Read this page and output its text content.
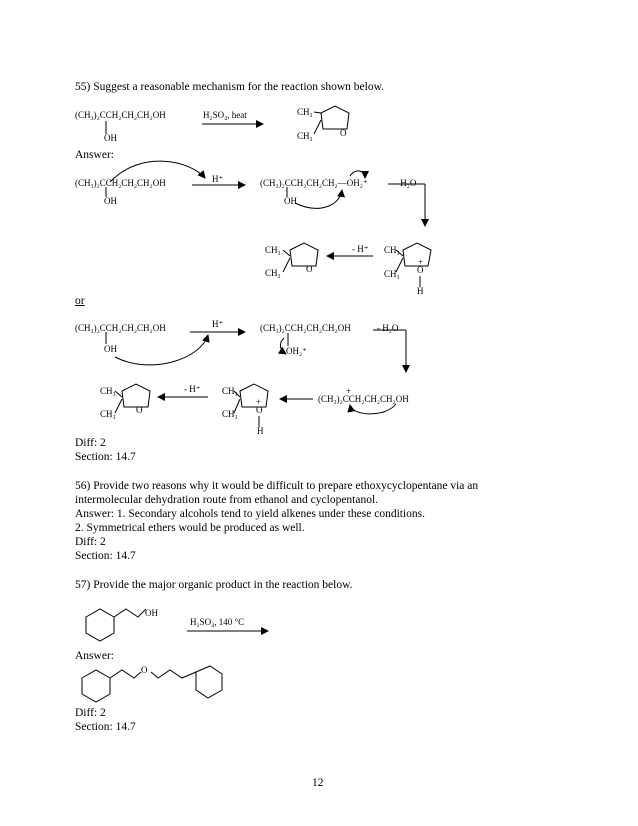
55) Suggest a reasonable mechanism for the reaction shown below.
(CH₃)₂CCH₂CH₂CH₂OH
OH
H₂SO₄, heat	CH₃
CH₃	O
Answer:
(CH₃)₂CCH₂CH₂CH₂OH
OH
H⁺	(CH₃)₂CCH₂CH₂CH₂—OH₂⁺
OH
- H₂O
CH₃
CH₃	O
- H⁺ CH₃
CH₃
+
O
H
or
(CH₃)₂CCH₂CH₂CH₂OH
OH
H⁺	(CH₃)₂CCH₂CH₂CH₂OH
OH₂⁺
- H₂O
CH₃
CH₃ O
- H⁺ CH₃
CH₃
+
O
H
+
(CH₃)₂CCH₂CH₂CH₂OH
Diff: 2
Section: 14.7
56) Provide two reasons why it would be difficult to prepare ethoxycyclopentane via an
intermolecular dehydration route from ethanol and cyclopentanol.
Answer: 1. Secondary alcohols tend to yield alkenes under these conditions.
2. Symmetrical ethers would be produced as well.
Diff: 2
Section: 14.7
57) Provide the major organic product in the reaction below.
OH
H₂SO₄, 140 °C
Answer:
O
Diff: 2
Section: 14.7
12
